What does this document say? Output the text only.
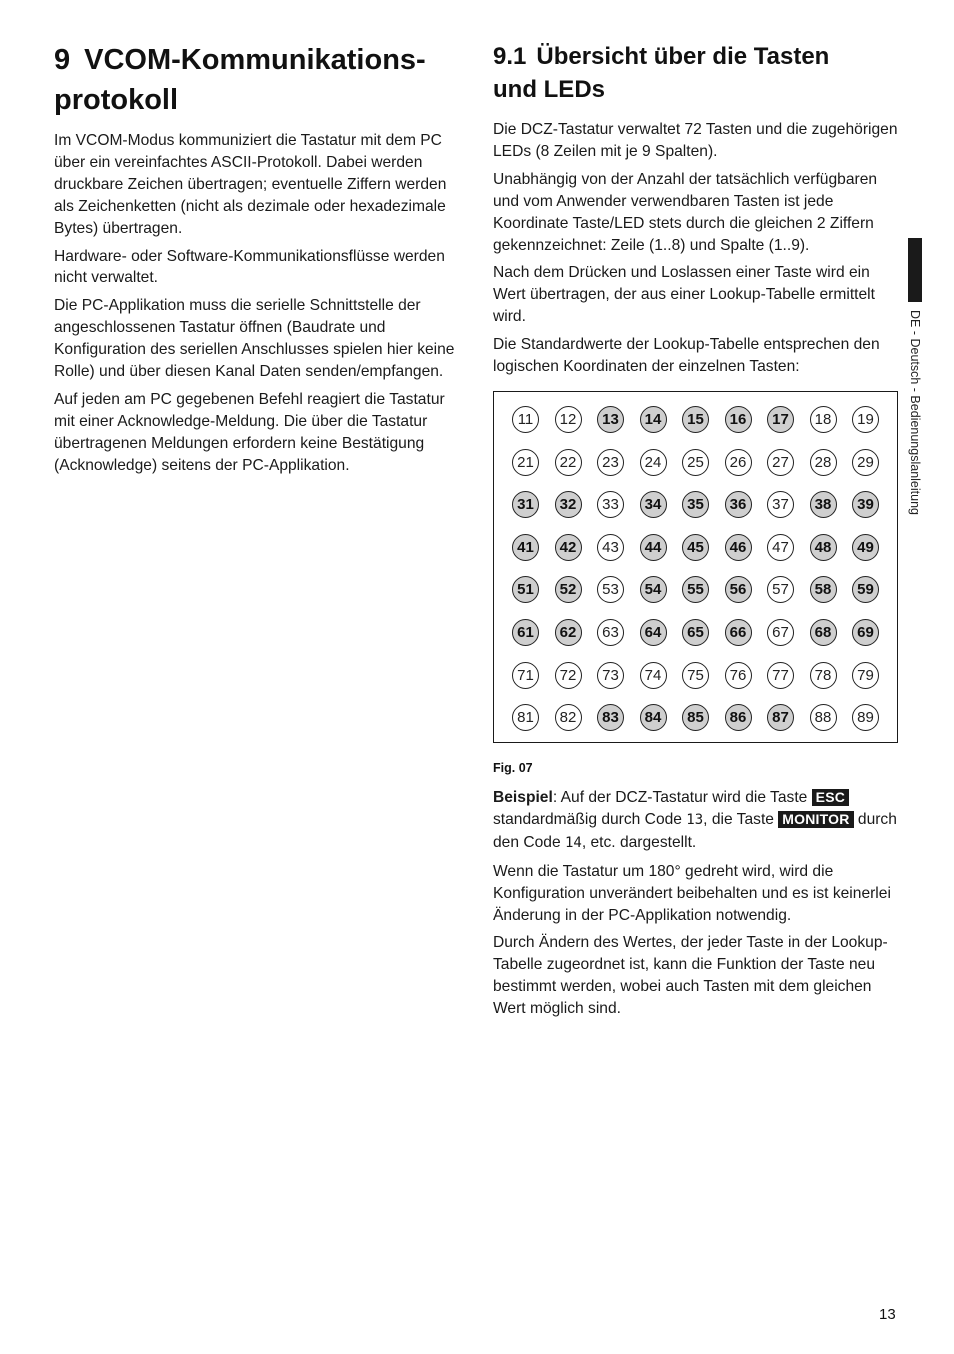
9 VCOM-Kommunikations-
protokoll

Im VCOM-Modus kommuniziert die Tastatur mit dem PC über ein vereinfachtes ASCII-Protokoll. Dabei werden druckbare Zeichen übertragen; eventuelle Ziffern werden als Zeichenketten (nicht als dezimale oder hexadezimale Bytes) übertragen.

Hardware- oder Software-Kommunikationsflüsse werden nicht verwaltet.

Die PC-Applikation muss die serielle Schnittstelle der angeschlossenen Tastatur öffnen (Baudrate und Konfiguration des seriellen Anschlusses spielen hier keine Rolle) und über diesen Kanal Daten senden/empfangen.

Auf jeden am PC gegebenen Befehl reagiert die Tastatur mit einer Acknowledge-Meldung. Die über die Tastatur übertragenen Meldungen erfordern keine Bestätigung (Acknowledge) seitens der PC-Applikation.

9.1 Übersicht über die Tasten
und LEDs

Die DCZ-Tastatur verwaltet 72 Tasten und die zugehörigen LEDs (8 Zeilen mit je 9 Spalten).

Unabhängig von der Anzahl der tatsächlich verfügbaren und vom Anwender verwendbaren Tasten ist jede Koordinate Taste/LED stets durch die gleichen 2 Ziffern gekennzeichnet: Zeile (1..8) und Spalte (1..9).

Nach dem Drücken und Loslassen einer Taste wird ein Wert übertragen, der aus einer Lookup-Tabelle ermittelt wird.

Die Standardwerte der Lookup-Tabelle entsprechen den logischen Koordinaten der einzelnen Tasten:

11	12	13	14	15	16	17	18	19
21	22	23	24	25	26	27	28	29
31	32	33	34	35	36	37	38	39
41	42	43	44	45	46	47	48	49
51	52	53	54	55	56	57	58	59
61	62	63	64	65	66	67	68	69
71	72	73	74	75	76	77	78	79
81	82	83	84	85	86	87	88	89
Fig. 07

Beispiel: Auf der DCZ-Tastatur wird die Taste ESC standardmäßig durch Code 13, die Taste MONITOR durch den Code 14, etc. dargestellt.

Wenn die Tastatur um 180° gedreht wird, wird die Konfiguration unverändert beibehalten und es ist keinerlei Änderung in der PC-Applikation notwendig.

Durch Ändern des Wertes, der jeder Taste in der Lookup-Tabelle zugeordnet ist, kann die Funktion der Taste neu bestimmt werden, wobei auch Tasten mit dem gleichen Wert möglich sind.

DE - Deutsch - Bedienungslanleitung
13
